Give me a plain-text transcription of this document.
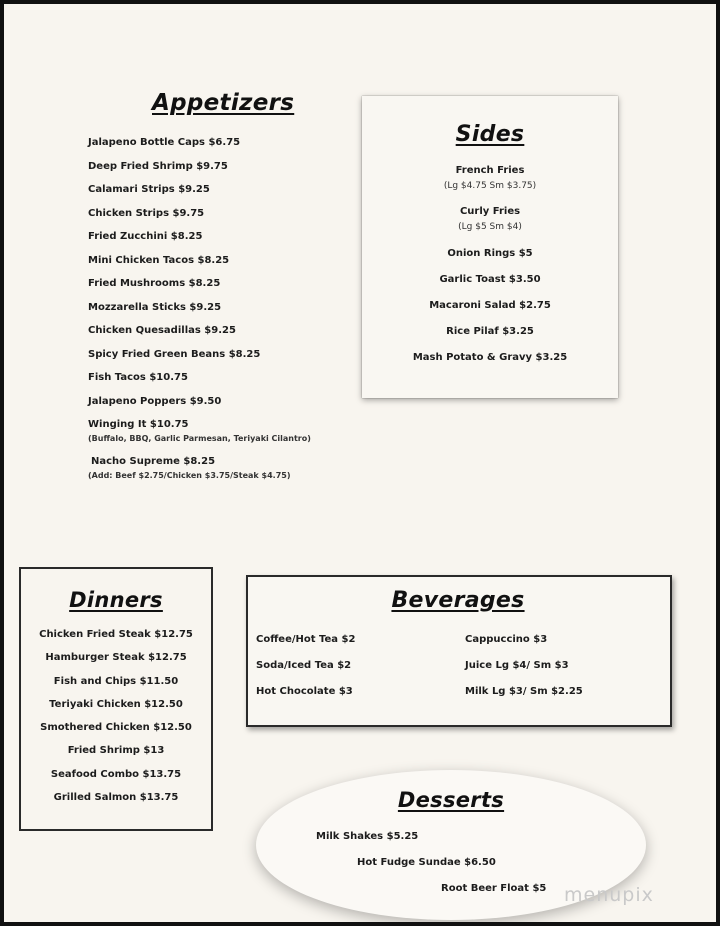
Appetizers
Jalapeno Bottle Caps $6.75
Deep Fried Shrimp $9.75
Calamari Strips $9.25
Chicken Strips $9.75
Fried Zucchini $8.25
Mini Chicken Tacos $8.25
Fried Mushrooms $8.25
Mozzarella Sticks $9.25
Chicken Quesadillas $9.25
Spicy Fried Green Beans $8.25
Fish Tacos $10.75
Jalapeno Poppers $9.50
Winging It $10.75
(Buffalo, BBQ, Garlic Parmesan, Teriyaki Cilantro)
Nacho Supreme $8.25
(Add: Beef $2.75/Chicken $3.75/Steak $4.75)
Sides
French Fries
(Lg $4.75 Sm $3.75)
Curly Fries
(Lg $5 Sm $4)
Onion Rings $5
Garlic Toast $3.50
Macaroni Salad $2.75
Rice Pilaf $3.25
Mash Potato & Gravy $3.25
Dinners
Chicken Fried Steak $12.75
Hamburger Steak $12.75
Fish and Chips $11.50
Teriyaki Chicken $12.50
Smothered Chicken $12.50
Fried Shrimp $13
Seafood Combo $13.75
Grilled Salmon $13.75
Beverages
Coffee/Hot Tea $2
Soda/Iced Tea $2
Hot Chocolate $3
Cappuccino $3
Juice Lg $4/ Sm $3
Milk Lg $3/ Sm $2.25
Desserts
Milk Shakes $5.25
Hot Fudge Sundae $6.50
Root Beer Float $5 menupix
